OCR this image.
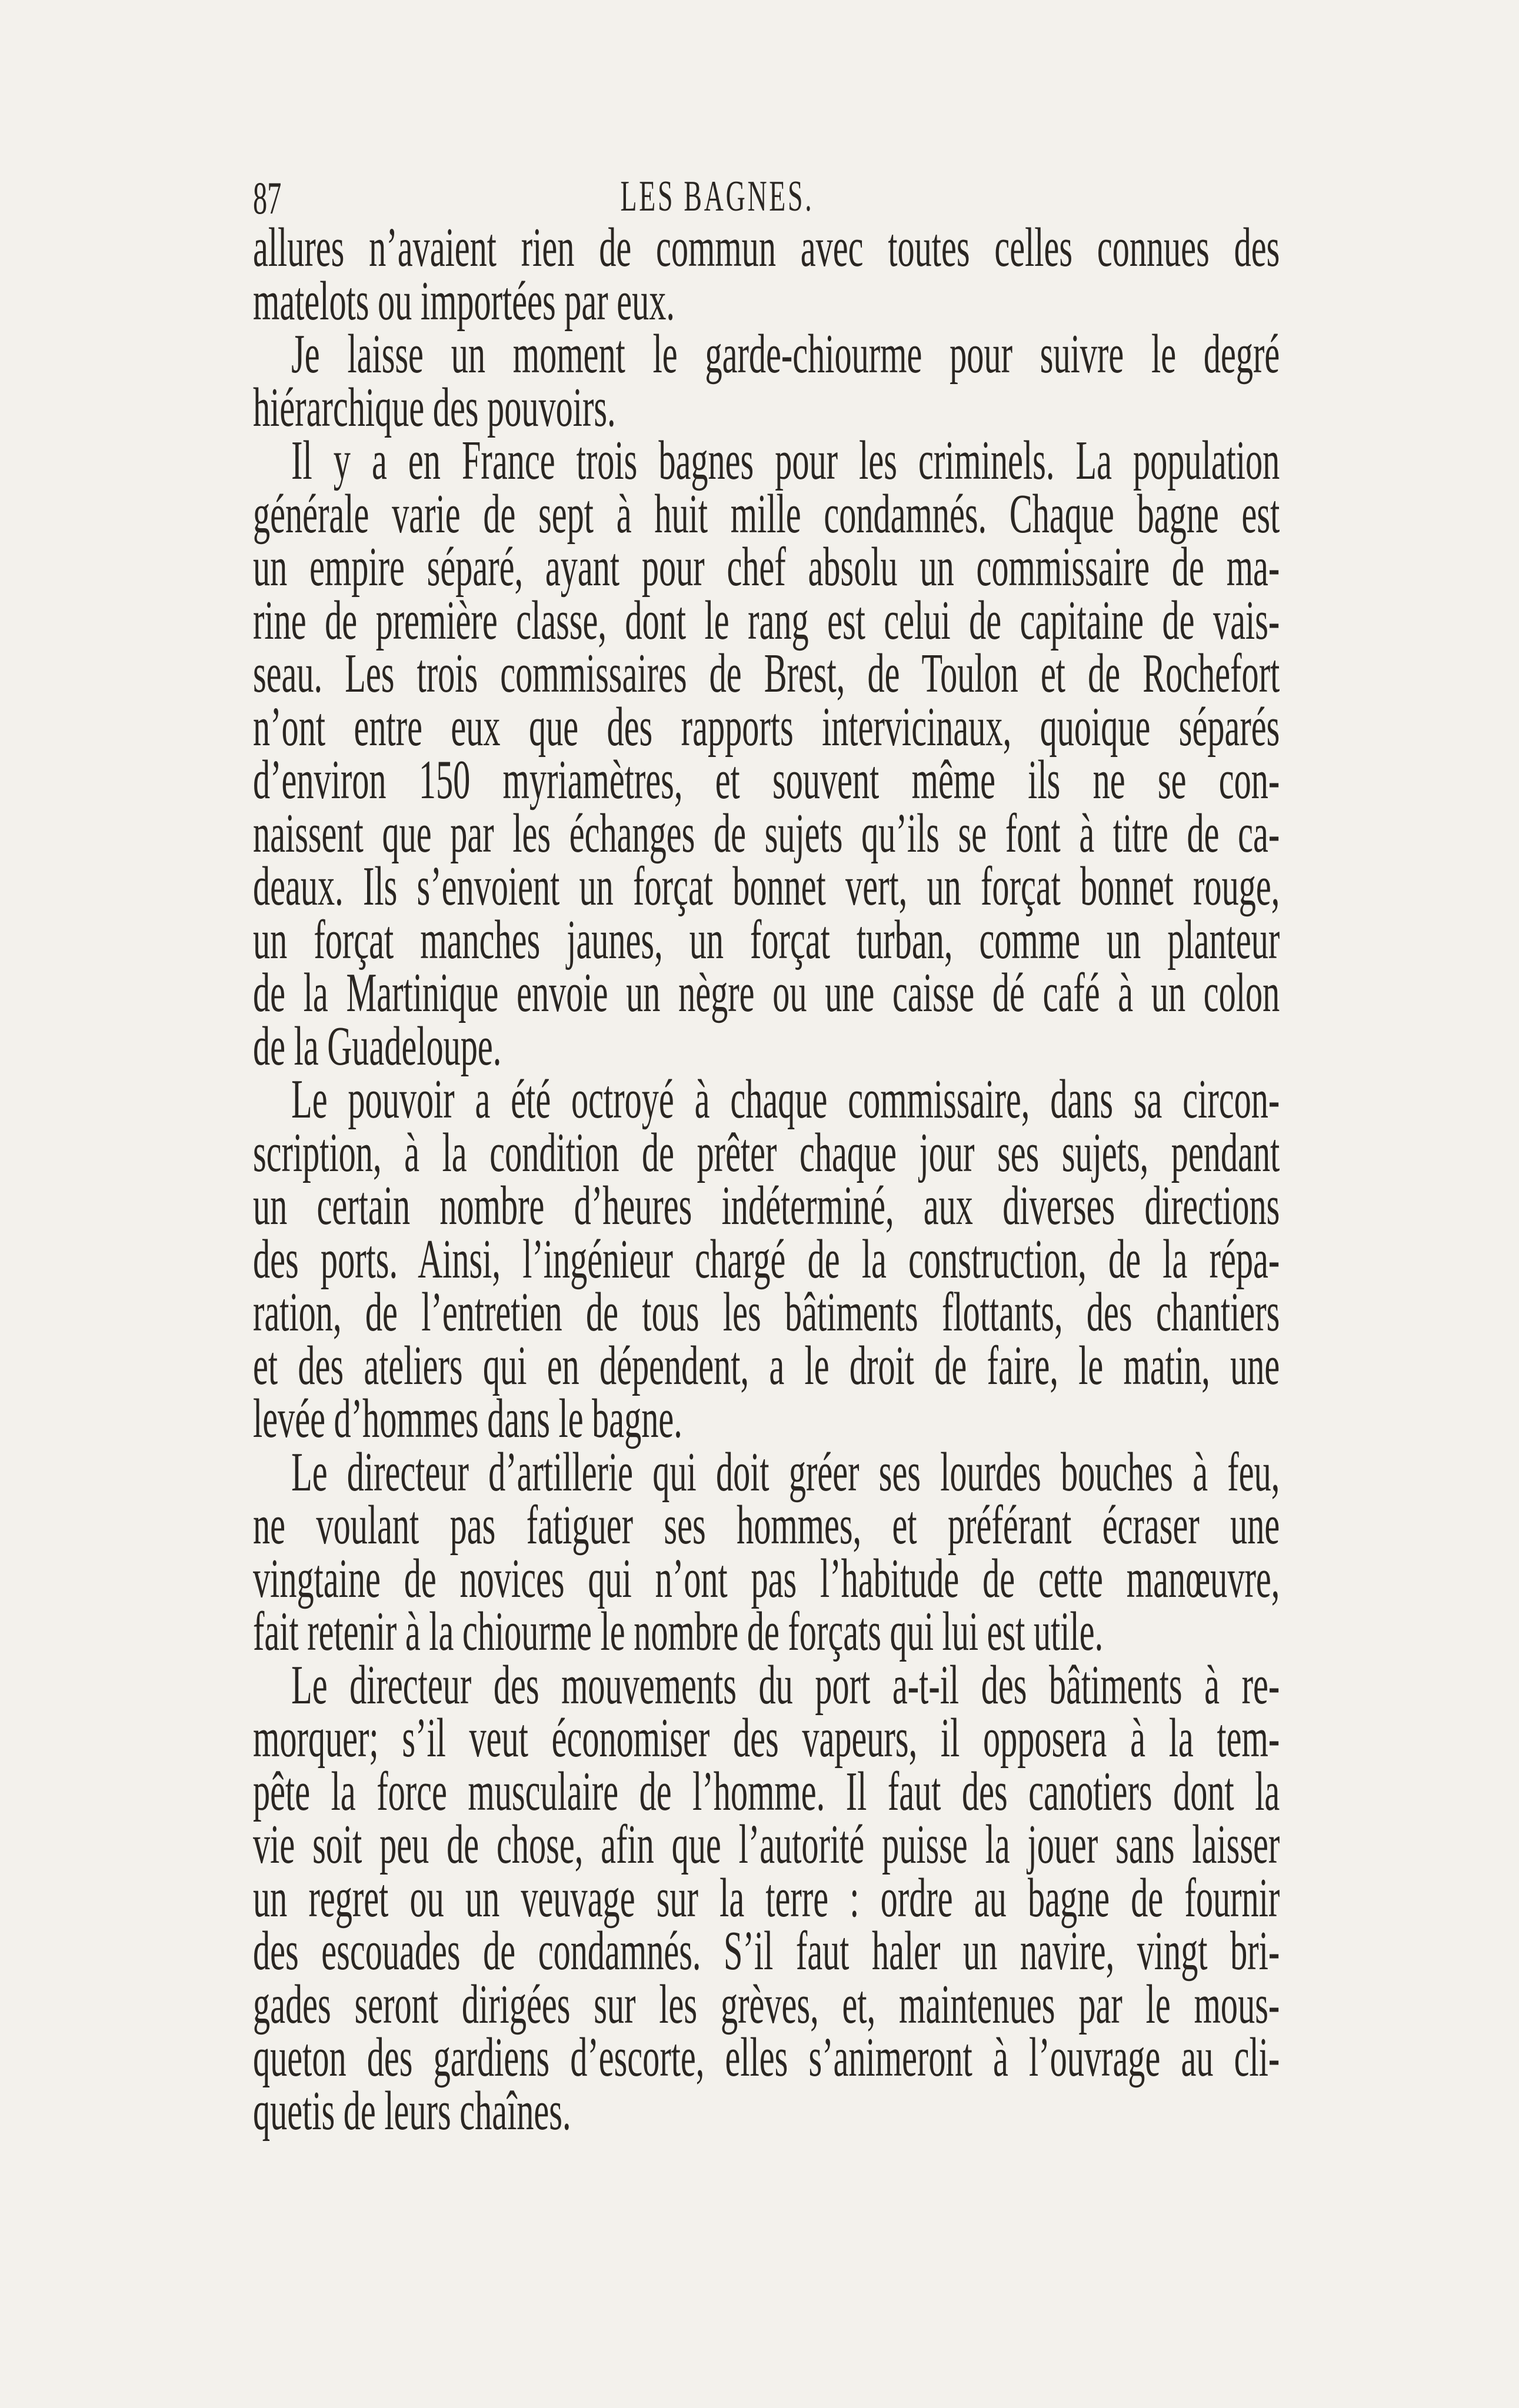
87	LES BAGNES.
allures n’avaient rien de commun avec toutes celles connues des
matelots ou importées par eux.
Je laisse un moment le garde-chiourme pour suivre le degré
hiérarchique des pouvoirs.
Il y a en France trois bagnes pour les criminels. La population
générale varie de sept à huit mille condamnés. Chaque bagne est
un empire séparé, ayant pour chef absolu un commissaire de ma-
rine de première classe, dont le rang est celui de capitaine de vais-
seau. Les trois commissaires de Brest, de Toulon et de Rochefort
n’ont entre eux que des rapports intervicinaux, quoique séparés
d’environ 150 myriamètres, et souvent même ils ne se con-
naissent que par les échanges de sujets qu’ils se font à titre de ca-
deaux. Ils s’envoient un forçat bonnet vert, un forçat bonnet rouge,
un forçat manches jaunes, un forçat turban, comme un planteur
de la Martinique envoie un nègre ou une caisse dé café à un colon
de la Guadeloupe.
Le pouvoir a été octroyé à chaque commissaire, dans sa circon-
scription, à la condition de prêter chaque jour ses sujets, pendant
un certain nombre d’heures indéterminé, aux diverses directions
des ports. Ainsi, l’ingénieur chargé de la construction, de la répa-
ration, de l’entretien de tous les bâtiments flottants, des chantiers
et des ateliers qui en dépendent, a le droit de faire, le matin, une
levée d’hommes dans le bagne.
Le directeur d’artillerie qui doit gréer ses lourdes bouches à feu,
ne voulant pas fatiguer ses hommes, et préférant écraser une
vingtaine de novices qui n’ont pas l’habitude de cette manœuvre,
fait retenir à la chiourme le nombre de forçats qui lui est utile.
Le directeur des mouvements du port a-t-il des bâtiments à re-
morquer; s’il veut économiser des vapeurs, il opposera à la tem-
pête la force musculaire de l’homme. Il faut des canotiers dont la
vie soit peu de chose, afin que l’autorité puisse la jouer sans laisser
un regret ou un veuvage sur la terre : ordre au bagne de fournir
des escouades de condamnés. S’il faut haler un navire, vingt bri-
gades seront dirigées sur les grèves, et, maintenues par le mous-
queton des gardiens d’escorte, elles s’animeront à l’ouvrage au cli-
quetis de leurs chaînes.
